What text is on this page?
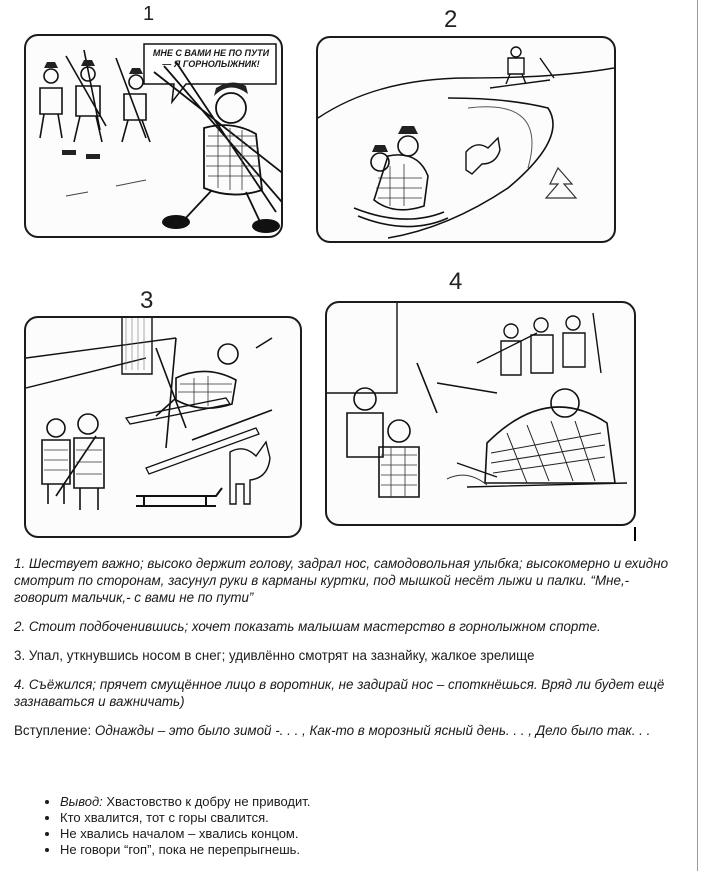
1	2
3
4
МНЕ С ВАМИ НЕ ПО ПУТИ — Я ГОРНОЛЫЖНИК!

1. Шествует важно; высоко держит голову, задрал нос, самодовольная улыбка; высокомерно и ехидно смотрит по сторонам, засунул руки в карманы куртки, под мышкой несёт лыжи и палки. “Мне,-говорит мальчик,- с вами не по пути”

2. Стоит подбоченившись; хочет показать малышам мастерство в горнолыжном спорте.

3. Упал, уткнувшись носом в снег; удивлённо смотрят на зазнайку, жалкое зрелище

4. Съёжился; прячет смущённое лицо в воротник, не задирай нос – споткнёшься. Вряд ли будет ещё зазнаваться и важничать)

Вступление: Однажды – это было зимой -. . . , Как-то в морозный ясный день. . . , Дело было так. . .

• Вывод: Хвастовство к добру не приводит.
• Кто хвалится, тот с горы свалится.
• Не хвались началом – хвались концом.
• Не говори “гоп”, пока не перепрыгнешь.
